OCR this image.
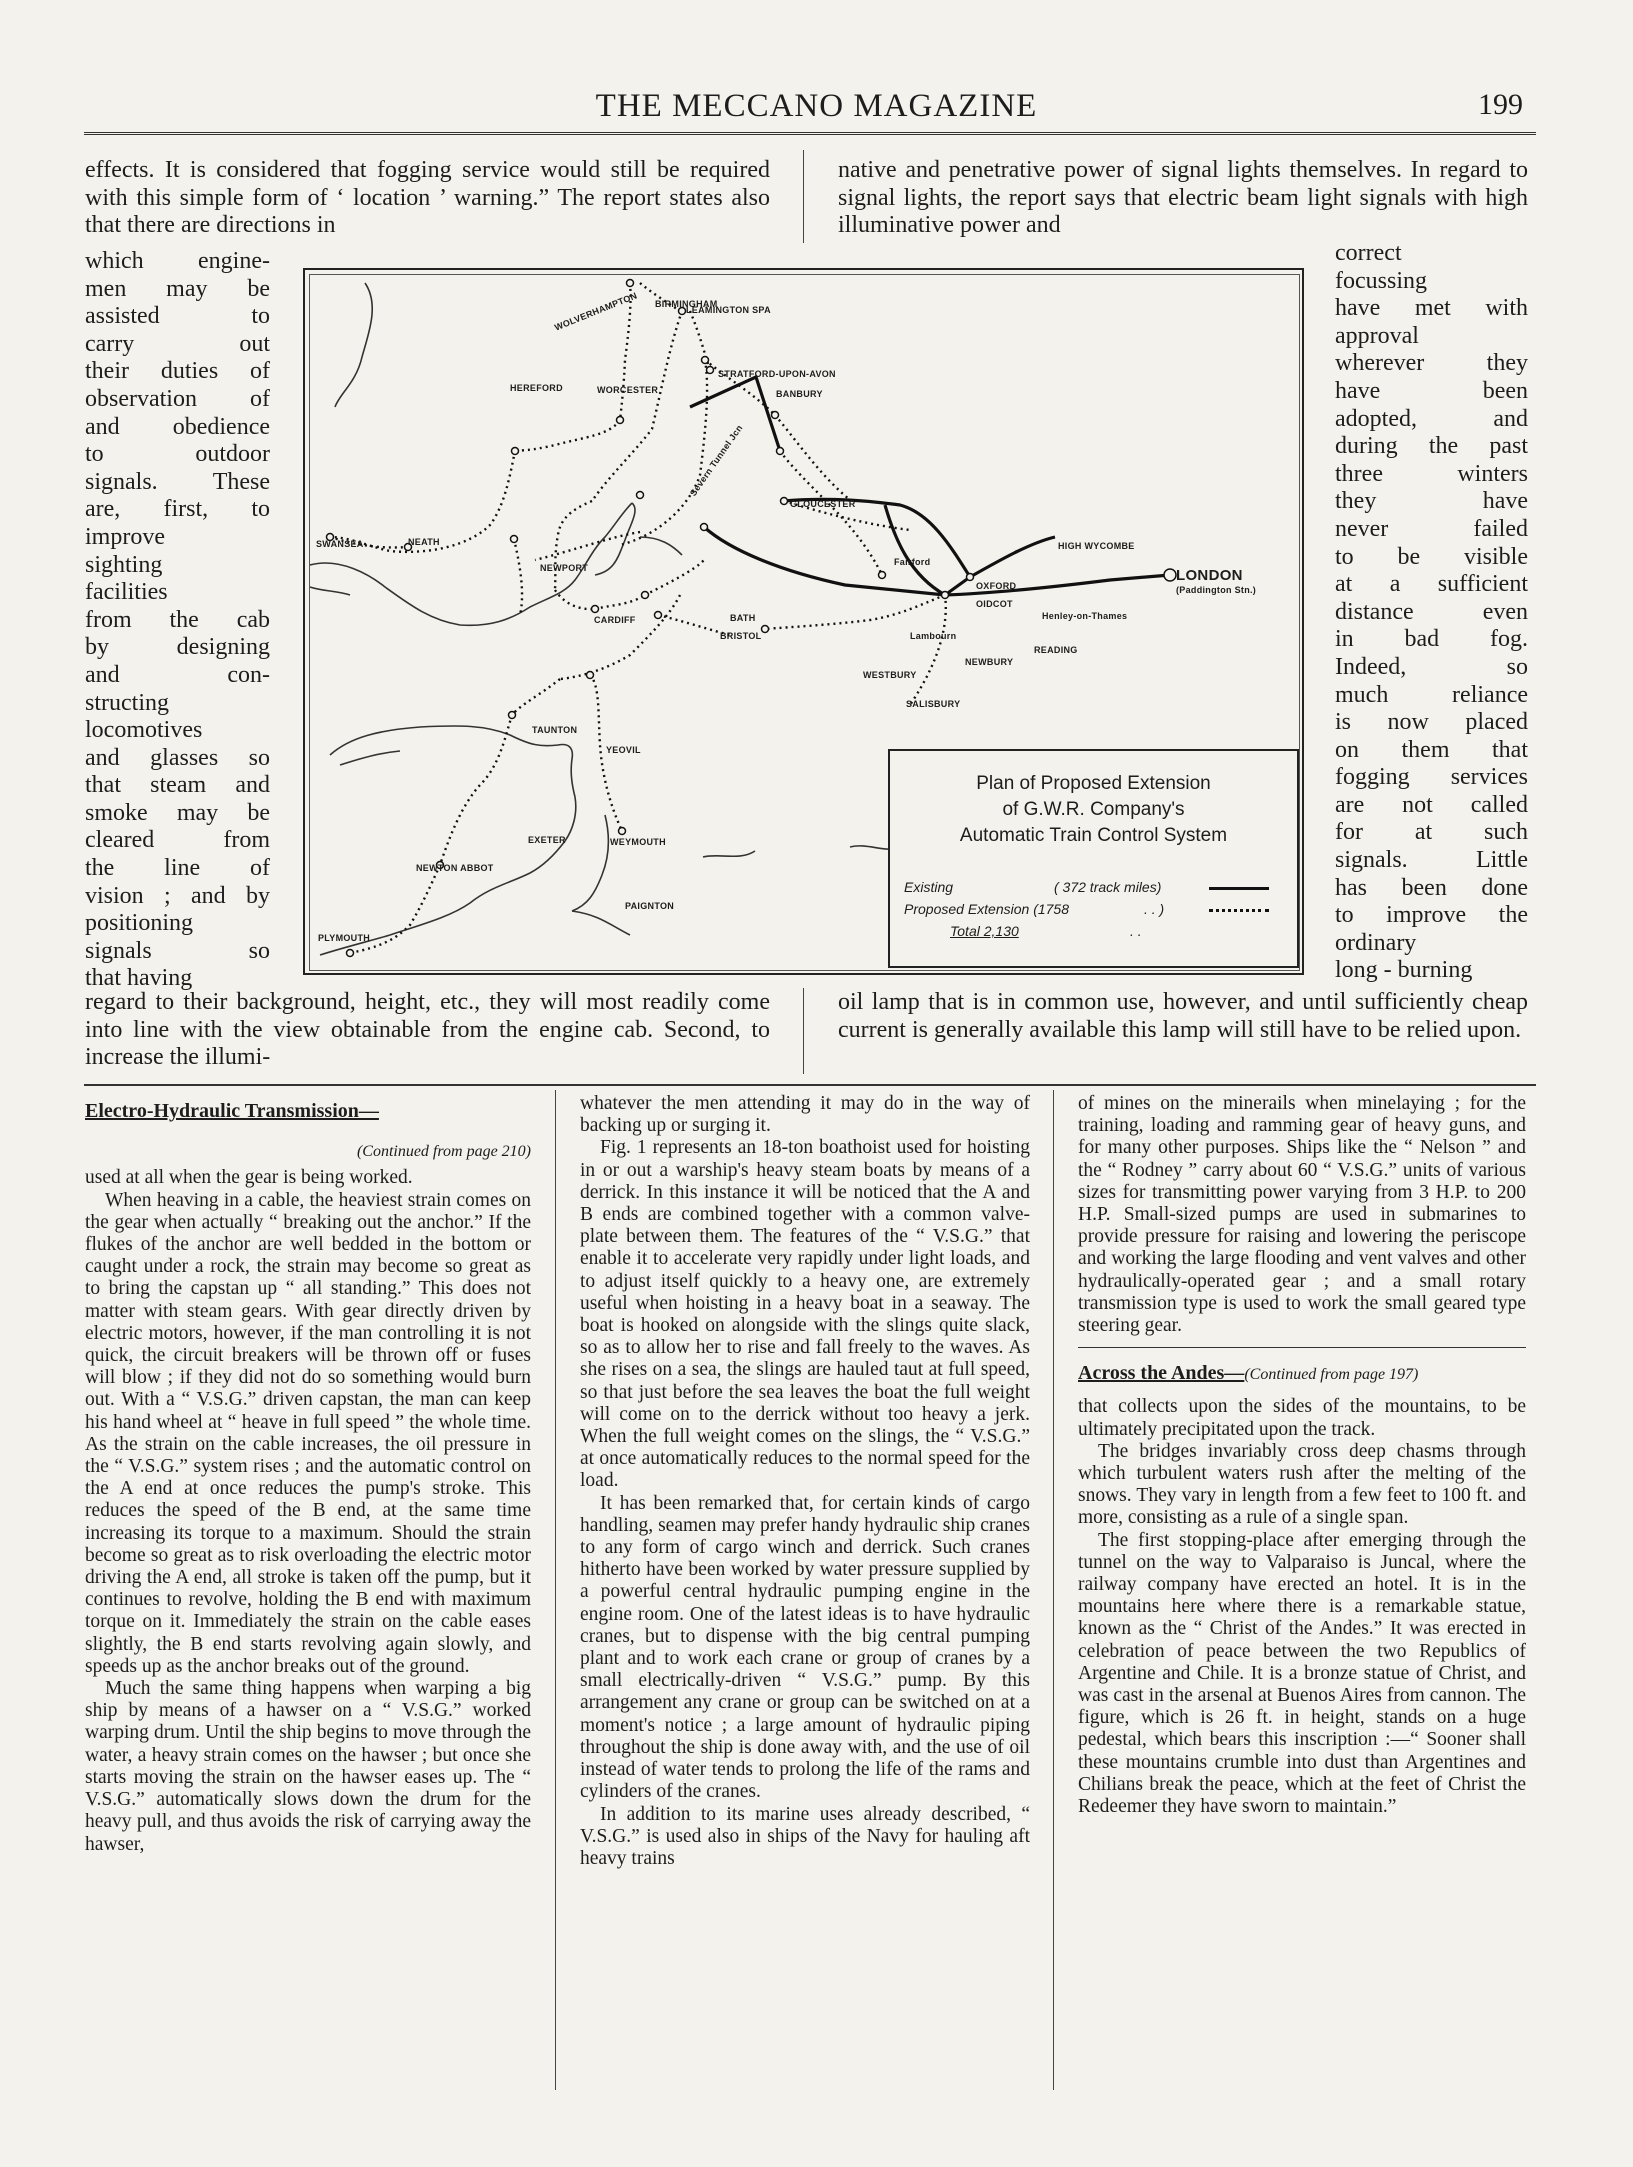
THE MECCANO MAGAZINE	199
effects. It is considered that fogging service would still be required with this simple form of ‘ location ’ warning.” The report states also that there are directions in
native and penetrative power of signal lights themselves. In regard to signal lights, the report says that electric beam light signals with high illuminative power and
which engine-
men may be
assisted to
carry out
their duties of
observation of
and obedience
to outdoor
signals. These
are, first, to
improve
sighting
facilities
from the cab
by designing
and con-
structing
locomotives
and glasses so
that steam and
smoke may be
cleared from
the line of
vision ; and by
positioning
signals so
that having
correct
focussing
have met with
approval
wherever they
have been
adopted, and
during the past
three winters
they have
never failed
to be visible
at a sufficient
distance even
in bad fog.
Indeed, so
much reliance
is now placed
on them that
fogging services
are not called
for at such
signals. Little
has been done
to improve the
ordinary
long - burning
Plan of Proposed Extension
of G.W.R. Company's
Automatic Train Control System
Existing	( 372 track miles)
Proposed Extension (1758	. . )
Total 2,130	. .
BIRMINGHAM
WOLVERHAMPTON	LEAMINGTON SPA
STRATFORD-UPON-AVON
WORCESTER	BANBURY
HEREFORD
GLOUCESTER
OXFORD
Fairford
HIGH WYCOMBE
Severn Tunnel Jcn
OIDCOT
Henley-on-Thames
LONDON
(Paddington Stn.)
SWANSEA	NEATH
NEWPORT
Lambourn
READING
CARDIFF	BATH
BRISTOL
NEWBURY
WESTBURY
SALISBURY
TAUNTON
YEOVIL
EXETER	WEYMOUTH
NEWTON ABBOT
PAIGNTON
PLYMOUTH
regard to their background, height, etc., they will most readily come into line with the view obtainable from the engine cab. Second, to increase the illumi-
oil lamp that is in common use, however, and until sufficiently cheap current is generally available this lamp will still have to be relied upon.
Electro-Hydraulic Transmission—
(Continued from page 210)

used at all when the gear is being worked.

When heaving in a cable, the heaviest strain comes on the gear when actually “ breaking out the anchor.” If the flukes of the anchor are well bedded in the bottom or caught under a rock, the strain may become so great as to bring the capstan up “ all standing.” This does not matter with steam gears. With gear directly driven by electric motors, however, if the man controlling it is not quick, the circuit breakers will be thrown off or fuses will blow ; if they did not do so something would burn out. With a “ V.S.G.” driven capstan, the man can keep his hand wheel at “ heave in full speed ” the whole time. As the strain on the cable increases, the oil pressure in the “ V.S.G.” system rises ; and the automatic control on the A end at once reduces the pump's stroke. This reduces the speed of the B end, at the same time increasing its torque to a maximum. Should the strain become so great as to risk overloading the electric motor driving the A end, all stroke is taken off the pump, but it continues to revolve, holding the B end with maximum torque on it. Immediately the strain on the cable eases slightly, the B end starts revolving again slowly, and speeds up as the anchor breaks out of the ground.

Much the same thing happens when warping a big ship by means of a hawser on a “ V.S.G.” worked warping drum. Until the ship begins to move through the water, a heavy strain comes on the hawser ; but once she starts moving the strain on the hawser eases up. The “ V.S.G.” automatically slows down the drum for the heavy pull, and thus avoids the risk of carrying away the hawser,

whatever the men attending it may do in the way of backing up or surging it.

Fig. 1 represents an 18-ton boathoist used for hoisting in or out a warship's heavy steam boats by means of a derrick. In this instance it will be noticed that the A and B ends are combined together with a common valve-plate between them. The features of the “ V.S.G.” that enable it to accelerate very rapidly under light loads, and to adjust itself quickly to a heavy one, are extremely useful when hoisting in a heavy boat in a seaway. The boat is hooked on alongside with the slings quite slack, so as to allow her to rise and fall freely to the waves. As she rises on a sea, the slings are hauled taut at full speed, so that just before the sea leaves the boat the full weight will come on to the derrick without too heavy a jerk. When the full weight comes on the slings, the “ V.S.G.” at once automatically reduces to the normal speed for the load.

It has been remarked that, for certain kinds of cargo handling, seamen may prefer handy hydraulic ship cranes to any form of cargo winch and derrick. Such cranes hitherto have been worked by water pressure supplied by a powerful central hydraulic pumping engine in the engine room. One of the latest ideas is to have hydraulic cranes, but to dispense with the big central pumping plant and to work each crane or group of cranes by a small electrically-driven “ V.S.G.” pump. By this arrangement any crane or group can be switched on at a moment's notice ; a large amount of hydraulic piping throughout the ship is done away with, and the use of oil instead of water tends to prolong the life of the rams and cylinders of the cranes.

In addition to its marine uses already described, “ V.S.G.” is used also in ships of the Navy for hauling aft heavy trains

of mines on the minerails when minelaying ; for the training, loading and ramming gear of heavy guns, and for many other purposes. Ships like the “ Nelson ” and the “ Rodney ” carry about 60 “ V.S.G.” units of various sizes for transmitting power varying from 3 H.P. to 200 H.P. Small-sized pumps are used in submarines to provide pressure for raising and lowering the periscope and working the large flooding and vent valves and other hydraulically-operated gear ; and a small rotary transmission type is used to work the small geared type steering gear.

Across the Andes—(Continued from page 197)

that collects upon the sides of the mountains, to be ultimately precipitated upon the track.

The bridges invariably cross deep chasms through which turbulent waters rush after the melting of the snows. They vary in length from a few feet to 100 ft. and more, consisting as a rule of a single span.

The first stopping-place after emerging through the tunnel on the way to Valparaiso is Juncal, where the railway company have erected an hotel. It is in the mountains here where there is a remarkable statue, known as the “ Christ of the Andes.” It was erected in celebration of peace between the two Republics of Argentine and Chile. It is a bronze statue of Christ, and was cast in the arsenal at Buenos Aires from cannon. The figure, which is 26 ft. in height, stands on a huge pedestal, which bears this inscription :—“ Sooner shall these mountains crumble into dust than Argentines and Chilians break the peace, which at the feet of Christ the Redeemer they have sworn to maintain.”
